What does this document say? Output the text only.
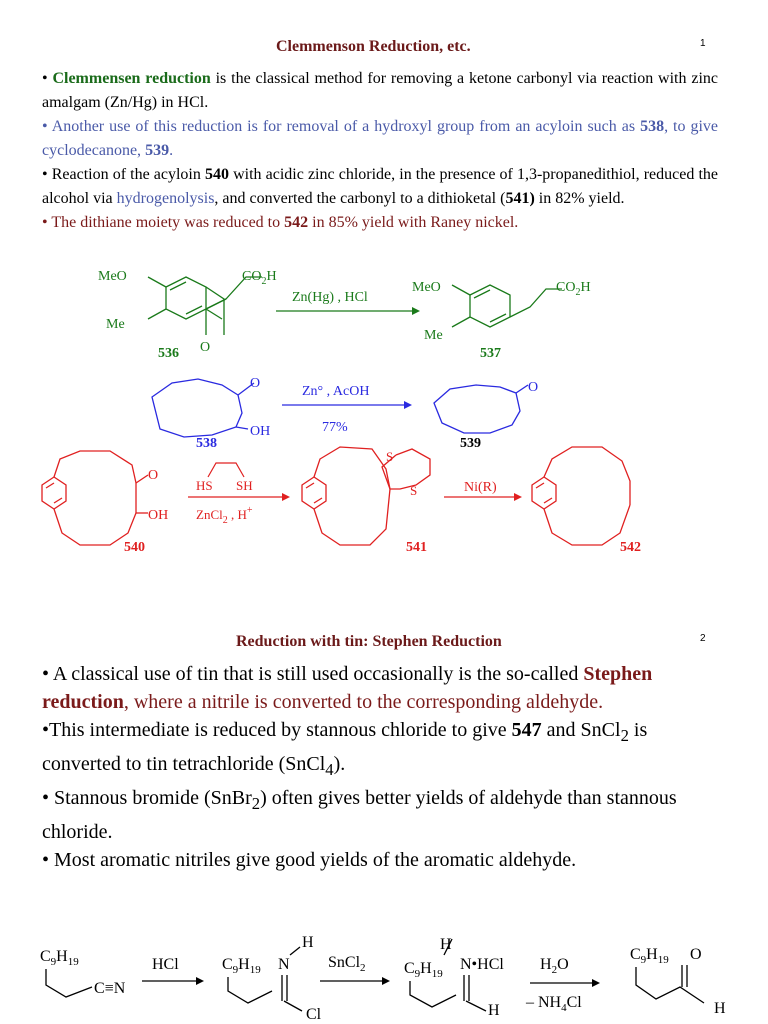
Clemmenson Reduction, etc.	1

• Clemmensen reduction is the classical method for removing a ketone carbonyl via reaction with zinc amalgam (Zn/Hg) in HCl.

• Another use of this reduction is for removal of a hydroxyl group from an acyloin such as 538, to give cyclodecanone, 539.

• Reaction of the acyloin 540 with acidic zinc chloride, in the presence of 1,3-propanedithiol, reduced the alcohol via hydrogenolysis, and converted the carbonyl to a dithioketal (541) in 82% yield.

• The dithiane moiety was reduced to 542 in 85% yield with Raney nickel.

MeO
Me
$CO_2H$
O
536
Zn(Hg) , HCl
MeO
Me
$CO_2H$
537
O
OH
538
Zn° , AcOH
77%
O
539
O
OH
540
HS SH
ZnCl$_2$ , H+
S
S
541
Ni(R)
542
Reduction with tin: Stephen Reduction	2

• A classical use of tin that is still used occasionally is the so-called Stephen reduction, where a nitrile is converted to the corresponding aldehyde.

•This intermediate is reduced by stannous chloride to give 547 and SnCl$_2$ is converted to tin tetrachloride (SnCl$_4$).

• Stannous bromide (SnBr$_2$) often gives better yields of aldehyde than stannous chloride.

• Most aromatic nitriles give good yields of the aromatic aldehyde.

$C_9H_{19}$
C≡N
HCl	$C_9H_{19}$ N
H
Cl
SnCl$_2$
H
$C_9H_{19}$
N•HCl
H
$H_2O$
– $NH_4Cl$
$C_9H_{19}$ O
H
